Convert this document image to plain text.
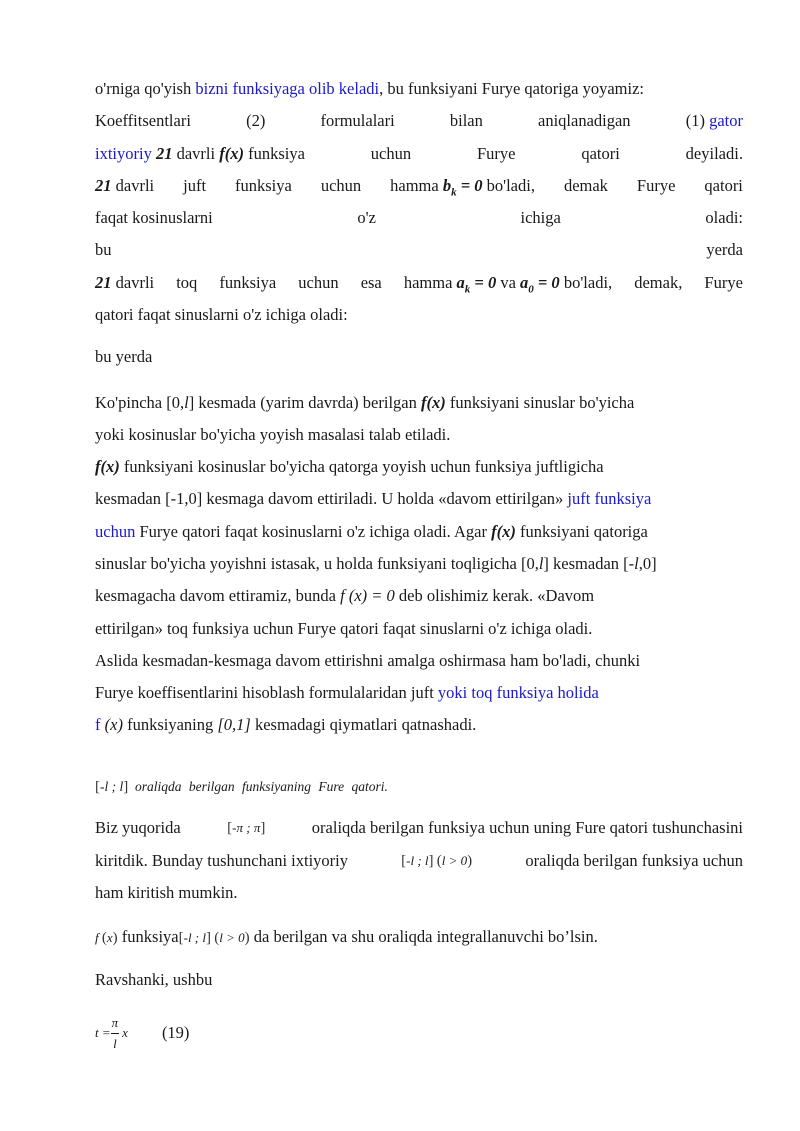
o'rniga qo'yish bizni funksiyaga olib keladi, bu funksiyani Furye qatoriga yoyamiz:
Koeffitsentlari	(2)	formulalari	bilan	aniqlanadigan	(1) gator
ixtiyoriy 21 davrli f(x) funksiya	uchun	Furye	qatori	deyiladi.
21 davrli juft funksiya uchun hamma $b_k = 0$ bo'ladi, demak Furye qatori
faqat kosinuslarni	o'z	ichiga	oladi:
bu	yerda
21 davrli toq funksiya uchun esa hamma $a_k = 0$ va $a_0 = 0$ bo'ladi, demak, Furye
qatori faqat sinuslarni o'z ichiga oladi:
bu yerda
Ko'pincha [0,l] kesmada (yarim davrda) berilgan f(x) funksiyani sinuslar bo'yicha
yoki kosinuslar bo'yicha yoyish masalasi talab etiladi.
f(x) funksiyani kosinuslar bo'yicha qatorga yoyish uchun funksiya juftligicha
kesmadan [-1,0] kesmaga davom ettiriladi. U holda «davom ettirilgan» juft funksiya
uchun Furye qatori faqat kosinuslarni o'z ichiga oladi. Agar f(x) funksiyani qatoriga
sinuslar bo'yicha yoyishni istasak, u holda funksiyani toqligicha [0,l] kesmadan [-l,0]
kesmagacha davom ettiramiz, bunda f (x) = 0 deb olishimiz kerak. «Davom
ettirilgan» toq funksiya uchun Furye qatori faqat sinuslarni o'z ichiga oladi.
Aslida kesmadan-kesmaga davom ettirishni amalga oshirmasa ham bo'ladi, chunki
Furye koeffisentlarini hisoblash formulalaridan juft yoki toq funksiya holida
f (x) funksiyaning [0,1] kesmadagi qiymatlari qatnashadi.
[-l ; l] oraliqda berilgan funksiyaning Fure qatori.
Biz yuqorida	[-π ; π]	oraliqda berilgan funksiya uchun uning Fure qatori tushunchasini
kiritdik. Bunday tushunchani ixtiyoriy	[-l ; l] (l > 0)	oraliqda berilgan funksiya uchun
ham kiritish mumkin.
f (x) funksiya[-l ; l] (l > 0) da berilgan va shu oraliqda integrallanuvchi bo’lsin.
Ravshanki, ushbu
$t = \frac{\pi}{l}$ x (19)
